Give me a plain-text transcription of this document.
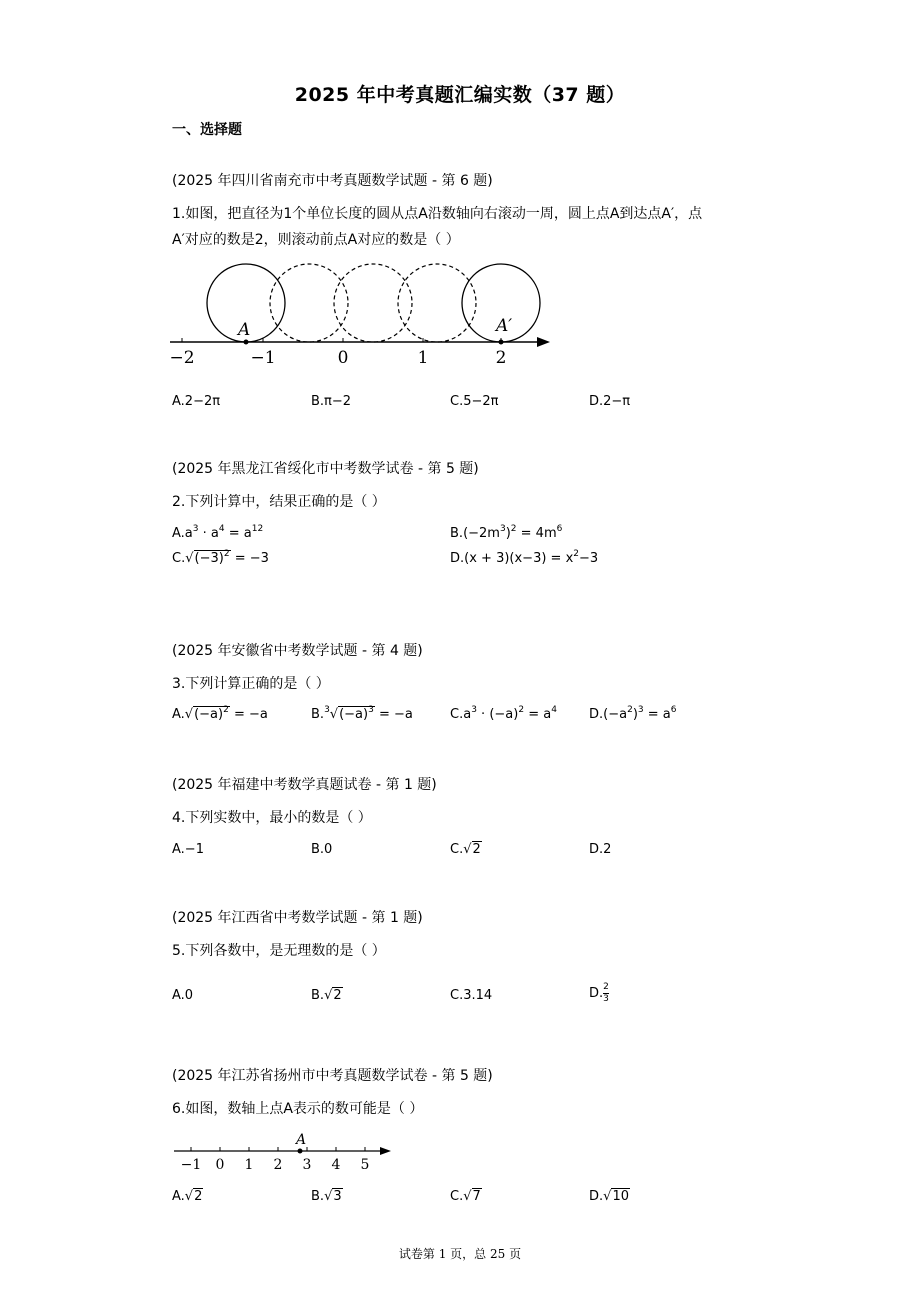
2025 年中考真题汇编实数（37 题）
一、选择题
(2025 年四川省南充市中考真题数学试题 - 第 6 题)
1.如图，把直径为1个单位长度的圆从点A沿数轴向右滚动一周，圆上点A到达点A′，点
A′对应的数是2，则滚动前点A对应的数是（ ）
A	A′
−2	−1	0	1	2
A.2−2π	B.π−2	C.5−2π	D.2−π
(2025 年黑龙江省绥化市中考数学试卷 - 第 5 题)
2.下列计算中，结果正确的是（ ）
$A.a^3 \cdot a^4 = a^{12}$	$B.(-2m^3)^2 = 4m^6$
$C.√(-3)^2 = -3$	$D.(x + 3)(x-3) = x^2-3$
(2025 年安徽省中考数学试题 - 第 4 题)
3.下列计算正确的是（ ）
$A.√(-a)^2 = -a$	$B.^3√(-a)^3 = -a$	$C.a^3 \cdot (-a)^2 = a^4$ $D.(-a^2)^3 = a^6$
(2025 年福建中考数学真题试卷 - 第 1 题)
4.下列实数中，最小的数是（ ）
A.−1	B.0	C.√2	D.2
(2025 年江西省中考数学试题 - 第 1 题)
5.下列各数中，是无理数的是（ ）
A.0	B.√2	C.3.14	D. $\frac{2}{3}$
(2025 年江苏省扬州市中考真题数学试卷 - 第 5 题)
6.如图，数轴上点A表示的数可能是（ ）
A
−1 0 1 2 3 4 5
A.√2	B.√3	C.√7	D.√10
试卷第 1 页，总 25 页
